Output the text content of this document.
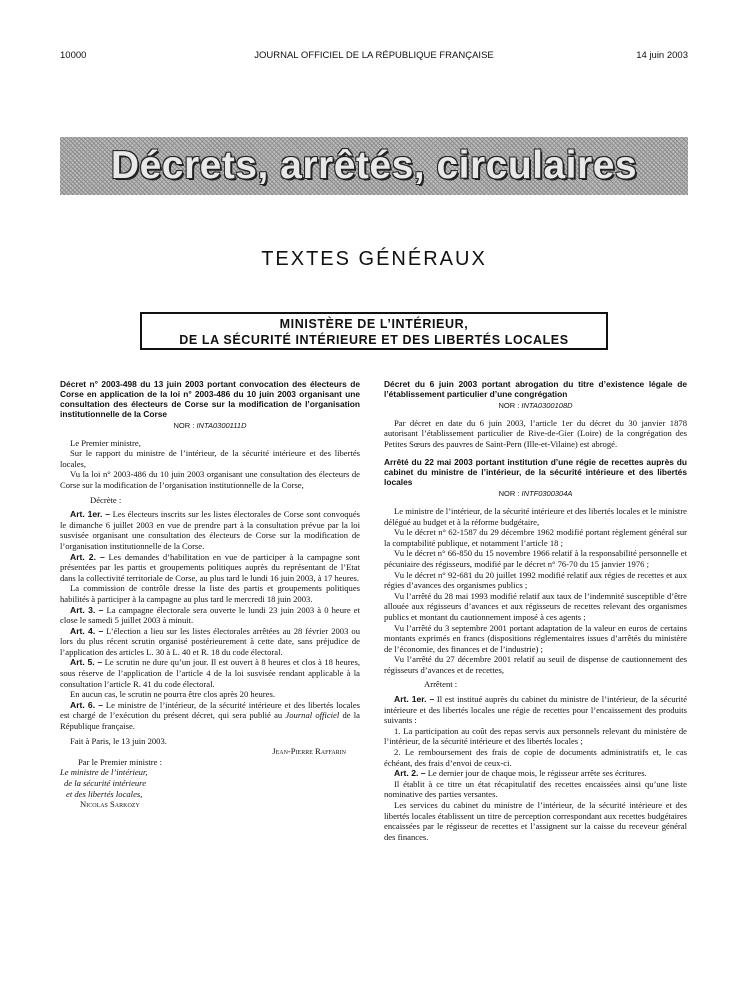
10000	JOURNAL OFFICIEL DE LA RÉPUBLIQUE FRANÇAISE	14 juin 2003
Décrets, arrêtés, circulaires
TEXTES GÉNÉRAUX
MINISTÈRE DE L’INTÉRIEUR,
DE LA SÉCURITÉ INTÉRIEURE ET DES LIBERTÉS LOCALES
Décret n° 2003-498 du 13 juin 2003 portant convocation des électeurs de Corse en application de la loi n° 2003-486 du 10 juin 2003 organisant une consultation des électeurs de Corse sur la modification de l’organisation institutionnelle de la Corse
NOR : INTA0300111D

Le Premier ministre,

Sur le rapport du ministre de l’intérieur, de la sécurité intérieure et des libertés locales,

Vu la loi n° 2003-486 du 10 juin 2003 organisant une consultation des électeurs de Corse sur la modification de l’organisation institutionnelle de la Corse,

Décrète :

Art. 1er. – Les électeurs inscrits sur les listes électorales de Corse sont convoqués le dimanche 6 juillet 2003 en vue de prendre part à la consultation prévue par la loi susvisée organisant une consultation des électeurs de Corse sur la modification de l’organisation institutionnelle de la Corse.

Art. 2. – Les demandes d’habilitation en vue de participer à la campagne sont présentées par les partis et groupements politiques auprès du représentant de l’Etat dans la collectivité territoriale de Corse, au plus tard le lundi 16 juin 2003, à 17 heures.

La commission de contrôle dresse la liste des partis et groupements politiques habilités à participer à la campagne au plus tard le mercredi 18 juin 2003.

Art. 3. – La campagne électorale sera ouverte le lundi 23 juin 2003 à 0 heure et close le samedi 5 juillet 2003 à minuit.

Art. 4. – L’élection a lieu sur les listes électorales arrêtées au 28 février 2003 ou lors du plus récent scrutin organisé postérieurement à cette date, sans préjudice de l’application des articles L. 30 à L. 40 et R. 18 du code électoral.

Art. 5. – Le scrutin ne dure qu’un jour. Il est ouvert à 8 heures et clos à 18 heures, sous réserve de l’application de l’article 4 de la loi susvisée rendant applicable à la consultation l’article R. 41 du code électoral.

En aucun cas, le scrutin ne pourra être clos après 20 heures.

Art. 6. – Le ministre de l’intérieur, de la sécurité intérieure et des libertés locales est chargé de l’exécution du présent décret, qui sera publié au Journal officiel de la République française.

Fait à Paris, le 13 juin 2003.

Jean-Pierre Raffarin

Par le Premier ministre :

Le ministre de l’intérieur,

de la sécurité intérieure

et des libertés locales,

Nicolas Sarkozy

Décret du 6 juin 2003 portant abrogation du titre d’existence légale de l’établissement particulier d’une congrégation
NOR : INTA0300108D

Par décret en date du 6 juin 2003, l’article 1er du décret du 30 janvier 1878 autorisant l’établissement particulier de Rive-de-Gier (Loire) de la congrégation des Petites Sœurs des pauvres de Saint-Pern (Ille-et-Vilaine) est abrogé.

Arrêté du 22 mai 2003 portant institution d’une régie de recettes auprès du cabinet du ministre de l’intérieur, de la sécurité intérieure et des libertés locales
NOR : INTF0300304A

Le ministre de l’intérieur, de la sécurité intérieure et des libertés locales et le ministre délégué au budget et à la réforme budgétaire,

Vu le décret n° 62-1587 du 29 décembre 1962 modifié portant règlement général sur la comptabilité publique, et notamment l’article 18 ;

Vu le décret n° 66-850 du 15 novembre 1966 relatif à la responsabilité personnelle et pécuniaire des régisseurs, modifié par le décret n° 76-70 du 15 janvier 1976 ;

Vu le décret n° 92-681 du 20 juillet 1992 modifié relatif aux régies de recettes et aux régies d’avances des organismes publics ;

Vu l’arrêté du 28 mai 1993 modifié relatif aux taux de l’indemnité susceptible d’être allouée aux régisseurs d’avances et aux régisseurs de recettes relevant des organismes publics et montant du cautionnement imposé à ces agents ;

Vu l’arrêté du 3 septembre 2001 portant adaptation de la valeur en euros de certains montants exprimés en francs (dispositions réglementaires issues d’arrêtés du ministère de l’économie, des finances et de l’industrie) ;

Vu l’arrêté du 27 décembre 2001 relatif au seuil de dispense de cautionnement des régisseurs d’avances et de recettes,

Arrêtent :

Art. 1er. – Il est institué auprès du cabinet du ministre de l’intérieur, de la sécurité intérieure et des libertés locales une régie de recettes pour l’encaissement des produits suivants :

1. La participation au coût des repas servis aux personnels relevant du ministère de l’intérieur, de la sécurité intérieure et des libertés locales ;

2. Le remboursement des frais de copie de documents administratifs et, le cas échéant, des frais d’envoi de ceux-ci.

Art. 2. – Le dernier jour de chaque mois, le régisseur arrête ses écritures.

Il établit à ce titre un état récapitulatif des recettes encaissées ainsi qu’une liste nominative des parties versantes.

Les services du cabinet du ministre de l’intérieur, de la sécurité intérieure et des libertés locales établissent un titre de perception correspondant aux recettes budgétaires encaissées par le régisseur de recettes et l’assignent sur la caisse du receveur général des finances.
